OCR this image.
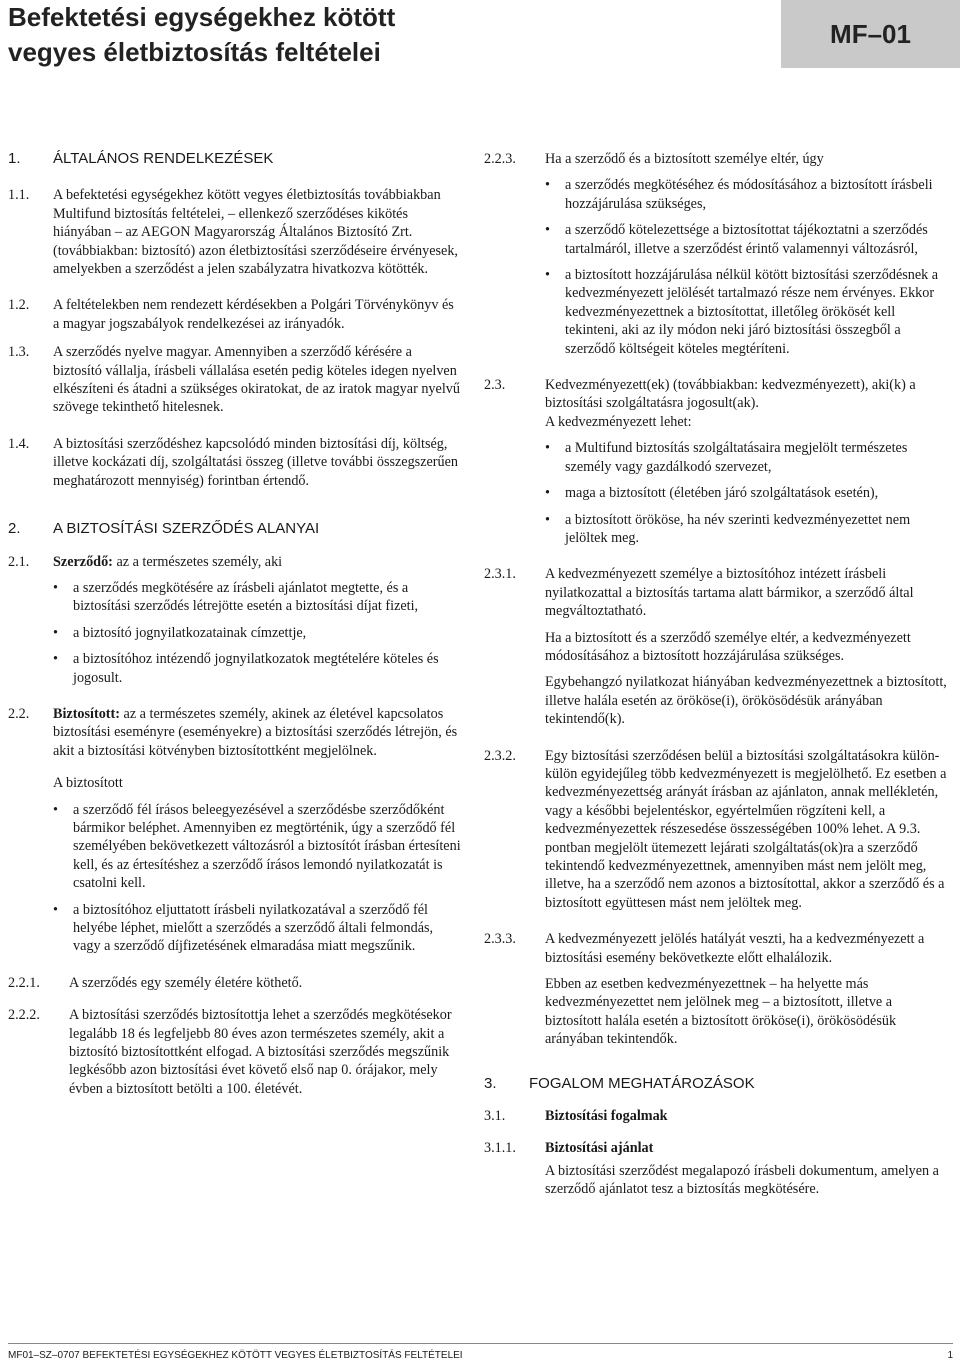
Befektetési egységekhez kötött
vegyes életbiztosítás feltételei
MF–01
1.	ÁLTALÁNOS RENDELKEZÉSEK
1.1.	A befektetési egységekhez kötött vegyes életbiztosítás továbbiakban Multifund biztosítás feltételei, – ellenkező szerződéses kikötés hiányában – az AEGON Magyarország Általános Biztosító Zrt. (továbbiakban: biztosító) azon életbiztosítási szerződéseire érvényesek, amelyekben a szerződést a jelen szabályzatra hivatkozva kötötték.
1.2.	A feltételekben nem rendezett kérdésekben a Polgári Törvénykönyv és a magyar jogszabályok rendelkezései az irányadók.
1.3.	A szerződés nyelve magyar. Amennyiben a szerződő kérésére a biztosító vállalja, írásbeli vállalása esetén pedig köteles idegen nyelven elkészíteni és átadni a szükséges okiratokat, de az iratok magyar nyelvű szövege tekinthető hitelesnek.
1.4.	A biztosítási szerződéshez kapcsolódó minden biztosítási díj, költség, illetve kockázati díj, szolgáltatási összeg (illetve további összegszerűen meghatározott mennyiség) forintban értendő.
2.	A BIZTOSÍTÁSI SZERZŐDÉS ALANYAI
2.1.	Szerződő: az a természetes személy, aki
• a szerződés megkötésére az írásbeli ajánlatot megtette, és a biztosítási szerződés létrejötte esetén a biztosítási díjat fizeti,
• a biztosító jognyilatkozatainak címzettje,
• a biztosítóhoz intézendő jognyilatkozatok megtételére köteles és jogosult.
2.2.	Biztosított: az a természetes személy, akinek az életével kapcsolatos biztosítási eseményre (eseményekre) a biztosítási szerződés létrejön, és akit a biztosítási kötvényben biztosítottként megjelölnek.
A biztosított
• a szerződő fél írásos beleegyezésével a szerződésbe szerződőként bármikor beléphet. Amennyiben ez megtörténik, úgy a szerződő fél személyében bekövetkezett változásról a biztosítót írásban értesíteni kell, és az értesítéshez a szerződő írásos lemondó nyilatkozatát is csatolni kell.
• a biztosítóhoz eljuttatott írásbeli nyilatkozatával a szerződő fél helyébe léphet, mielőtt a szerződés a szerződő általi felmondás, vagy a szerződő díjfizetésének elmaradása miatt megszűnik.
2.2.1.	A szerződés egy személy életére köthető.
2.2.2.	A biztosítási szerződés biztosítottja lehet a szerződés megkötésekor legalább 18 és legfeljebb 80 éves azon természetes személy, akit a biztosító biztosítottként elfogad. A biztosítási szerződés megszűnik legkésőbb azon biztosítási évet követő első nap 0. órájakor, mely évben a biztosított betölti a 100. életévét.
2.2.3.	Ha a szerződő és a biztosított személye eltér, úgy
• a szerződés megkötéséhez és módosításához a biztosított írásbeli hozzájárulása szükséges,
• a szerződő kötelezettsége a biztosítottat tájékoztatni a szerződés tartalmáról, illetve a szerződést érintő valamennyi változásról,
• a biztosított hozzájárulása nélkül kötött biztosítási szerződésnek a kedvezményezett jelölését tartalmazó része nem érvényes. Ekkor kedvezményezettnek a biztosítottat, illetőleg örökösét kell tekinteni, aki az ily módon neki járó biztosítási összegből a szerződő költségeit köteles megtéríteni.
2.3.	Kedvezményezett(ek) (továbbiakban: kedvezményezett), aki(k) a biztosítási szolgáltatásra jogosult(ak).
A kedvezményezett lehet:
• a Multifund biztosítás szolgáltatásaira megjelölt természetes személy vagy gazdálkodó szervezet,
• maga a biztosított (életében járó szolgáltatások esetén),
• a biztosított örököse, ha név szerinti kedvezményezettet nem jelöltek meg.
2.3.1.	A kedvezményezett személye a biztosítóhoz intézett írásbeli nyilatkozattal a biztosítás tartama alatt bármikor, a szerződő által megváltoztatható.
Ha a biztosított és a szerződő személye eltér, a kedvezményezett módosításához a biztosított hozzájárulása szükséges.
Egybehangzó nyilatkozat hiányában kedvezményezettnek a biztosított, illetve halála esetén az örököse(i), örökösödésük arányában tekintendő(k).
2.3.2.	Egy biztosítási szerződésen belül a biztosítási szolgáltatásokra külön-külön egyidejűleg több kedvezményezett is megjelölhető. Ez esetben a kedvezményezettség arányát írásban az ajánlaton, annak mellékletén, vagy a későbbi bejelentéskor, egyértelműen rögzíteni kell, a kedvezményezettek részesedése összességében 100% lehet. A 9.3. pontban megjelölt ütemezett lejárati szolgáltatás(ok)ra a szerződő tekintendő kedvezményezettnek, amennyiben mást nem jelölt meg, illetve, ha a szerződő nem azonos a biztosítottal, akkor a szerződő és a biztosított együttesen mást nem jelöltek meg.
2.3.3.	A kedvezményezett jelölés hatályát veszti, ha a kedvezményezett a biztosítási esemény bekövetkezte előtt elhalálozik.
Ebben az esetben kedvezményezettnek – ha helyette más kedvezményezettet nem jelölnek meg – a biztosított, illetve a biztosított halála esetén a biztosított örököse(i), örökösödésük arányában tekintendők.
3.	FOGALOM MEGHATÁROZÁSOK
3.1.	Biztosítási fogalmak
3.1.1.	Biztosítási ajánlat
A biztosítási szerződést megalapozó írásbeli dokumentum, amelyen a szerződő ajánlatot tesz a biztosítás megkötésére.
MF01–SZ–0707 BEFEKTETÉSI EGYSÉGEKHEZ KÖTÖTT VEGYES ÉLETBIZTOSÍTÁS FELTÉTELEI	1
